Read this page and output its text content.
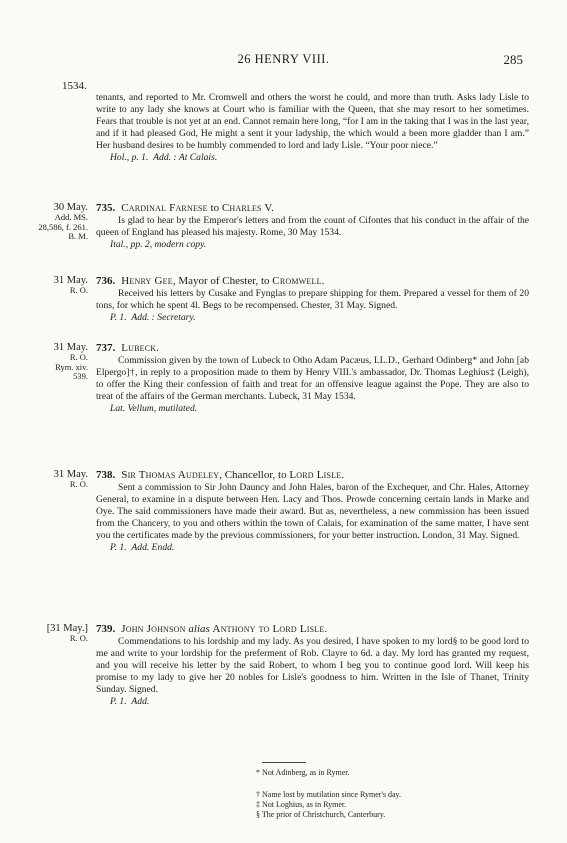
26 HENRY VIII.	285
1534.

tenants, and reported to Mr. Cromwell and others the worst he could, and more than truth. Asks lady Lisle to write to any lady she knows at Court who is familiar with the Queen, that she may resort to her sometimes. Fears that trouble is not yet at an end. Cannot remain here long, “for I am in the taking that I was in the last year, and if it had pleased God, He might a sent it your ladyship, the which would a been more gladder than I am.” Her husband desires to be humbly commended to lord and lady Lisle. “Your poor niece.”

Hol., p. 1. Add. : At Calais.

30 May.
Add. MS.
28,586, f. 261.
B. M.
735. Cardinal Farnese to Charles V.

Is glad to hear by the Emperor's letters and from the count of Cifontes that his conduct in the affair of the queen of England has pleased his majesty. Rome, 30 May 1534.

Ital., pp. 2, modern copy.

31 May.
R. O.
736. Henry Gee, Mayor of Chester, to Cromwell.

Received his letters by Cusake and Fynglas to prepare shipping for them. Prepared a vessel for them of 20 tons, for which he spent 4l. Begs to be recompensed. Chester, 31 May. Signed.

P. 1. Add. : Secretary.

31 May.
R. O.
Rym. xiv.
539.
737. Lubeck.

Commission given by the town of Lubeck to Otho Adam Pacæus, LL.D., Gerhard Odinberg* and John [ab Elpergo]†, in reply to a proposition made to them by Henry VIII.'s ambassador, Dr. Thomas Leghius‡ (Leigh), to offer the King their confession of faith and treat for an offensive league against the Pope. They are also to treat of the affairs of the German merchants. Lubeck, 31 May 1534.

Lat. Vellum, mutilated.

31 May.
R. O.
738. Sir Thomas Audeley, Chancellor, to Lord Lisle.

Sent a commission to Sir John Dauncy and John Hales, baron of the Exchequer, and Chr. Hales, Attorney General, to examine in a dispute between Hen. Lacy and Thos. Prowde concerning certain lands in Marke and Oye. The said commissioners have made their award. But as, nevertheless, a new commission has been issued from the Chancery, to you and others within the town of Calais, for examination of the same matter, I have sent you the certificates made by the previous commissioners, for your better instruction. London, 31 May. Signed.

P. 1. Add. Endd.

[31 May.]
R. O.
739. John Johnson alias Anthony to Lord Lisle.

Commendations to his lordship and my lady. As you desired, I have spoken to my lord§ to be good lord to me and write to your lordship for the preferment of Rob. Clayre to 6d. a day. My lord has granted my request, and you will receive his letter by the said Robert, to whom I beg you to continue good lord. Will keep his promise to my lady to give her 20 nobles for Lisle's goodness to him. Written in the Isle of Thanet, Trinity Sunday. Signed.

P. 1. Add.

* Not Adinberg, as in Rymer.
† Name lost by mutilation since Rymer's day.
‡ Not Loghius, as in Rymer.
§ The prior of Christchurch, Canterbury.
